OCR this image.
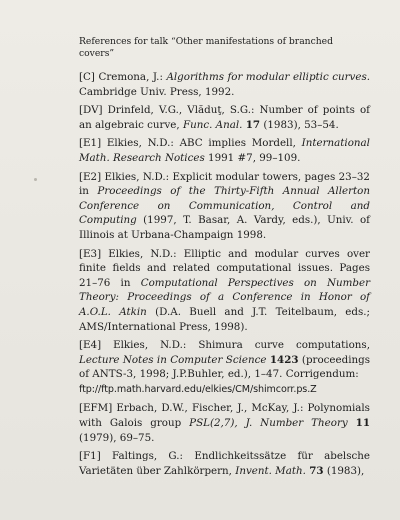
References for talk “Other manifestations of branched covers”

[C] Cremona, J.: Algorithms for modular elliptic curves. Cambridge Univ. Press, 1992.

[DV] Drinfeld, V.G., Vlăduţ, S.G.: Number of points of an algebraic curve, Func. Anal. 17 (1983), 53–54.

[E1] Elkies, N.D.: ABC implies Mordell, International Math. Research Notices 1991 #7, 99–109.

[E2] Elkies, N.D.: Explicit modular towers, pages 23–32 in Proceedings of the Thirty-Fifth Annual Allerton Conference on Communication, Control and Computing (1997, T. Basar, A. Vardy, eds.), Univ. of Illinois at Urbana-Champaign 1998.

[E3] Elkies, N.D.: Elliptic and modular curves over finite fields and related computational issues. Pages 21–76 in Computational Perspectives on Number Theory: Proceedings of a Conference in Honor of A.O.L. Atkin (D.A. Buell and J.T. Teitelbaum, eds.; AMS/International Press, 1998).

[E4] Elkies, N.D.: Shimura curve computations, Lecture Notes in Computer Science 1423 (proceedings of ANTS-3, 1998; J.P.Buhler, ed.), 1–47. Corrigendum:
ftp://ftp.math.harvard.edu/elkies/CM/shimcorr.ps.Z

[EFM] Erbach, D.W., Fischer, J., McKay, J.: Polynomials with Galois group PSL(2,7), J. Number Theory 11 (1979), 69–75.

[F1] Faltings, G.: Endlichkeitssätze für abelsche Varietäten über Zahlkörpern, Invent. Math. 73 (1983),
